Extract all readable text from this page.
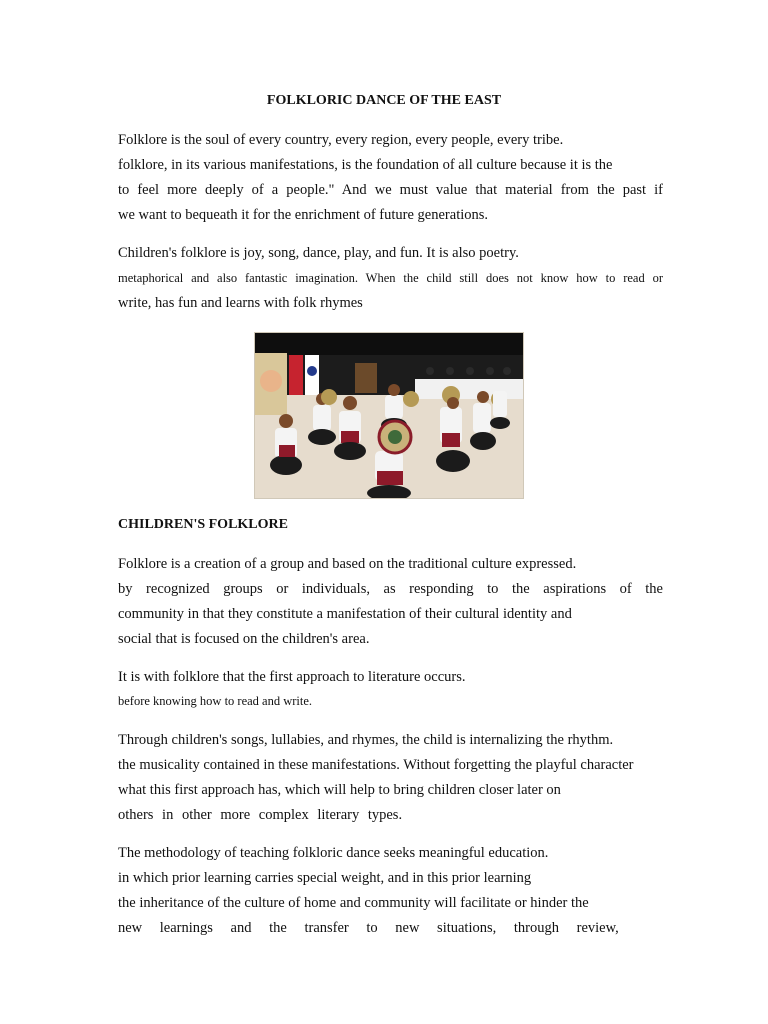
FOLKLORIC DANCE OF THE EAST
Folklore is the soul of every country, every region, every people, every tribe.
folklore, in its various manifestations, is the foundation of all culture because it is the
to feel more deeply of a people." And we must value that material from the past if
we want to bequeath it for the enrichment of future generations.
Children's folklore is joy, song, dance, play, and fun. It is also poetry.
metaphorical and also fantastic imagination. When the child still does not know how to read or
write, has fun and learns with folk rhymes
CHILDREN'S FOLKLORE
Folklore is a creation of a group and based on the traditional culture expressed.
by recognized groups or individuals, as responding to the aspirations of the
community in that they constitute a manifestation of their cultural identity and
social that is focused on the children's area.
It is with folklore that the first approach to literature occurs.
before knowing how to read and write.
Through children's songs, lullabies, and rhymes, the child is internalizing the rhythm.
the musicality contained in these manifestations. Without forgetting the playful character
what this first approach has, which will help to bring children closer later on
others in other more complex literary types.
The methodology of teaching folkloric dance seeks meaningful education.
in which prior learning carries special weight, and in this prior learning
the inheritance of the culture of home and community will facilitate or hinder the
new learnings and the transfer to new situations, through review,
